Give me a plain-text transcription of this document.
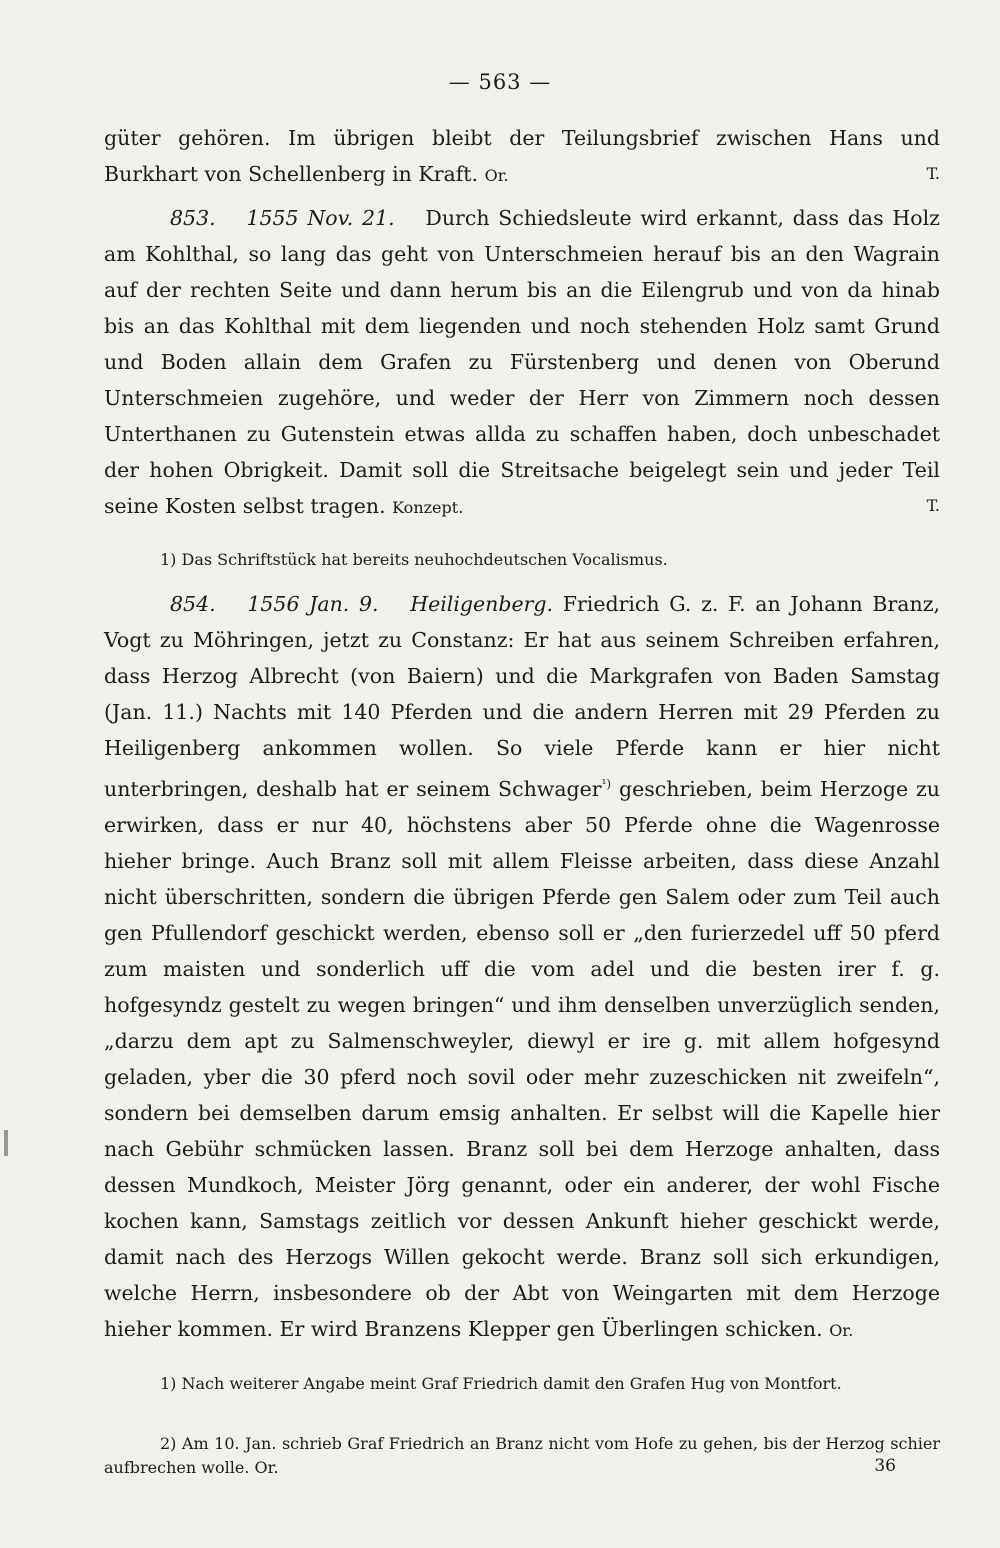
— 563 —

güter gehören. Im übrigen bleibt der Teilungsbrief zwischen Hans und Burkhart von Schellenberg in Kraft. Or.	T.

853. 1555 Nov. 21. Durch Schiedsleute wird erkannt, dass das Holz am Kohlthal, so lang das geht von Unterschmeien herauf bis an den Wagrain auf der rechten Seite und dann herum bis an die Eilengrub und von da hinab bis an das Kohlthal mit dem liegenden und noch stehenden Holz samt Grund und Boden allain dem Grafen zu Fürstenberg und denen von Oberund Unterschmeien zugehöre, und weder der Herr von Zimmern noch dessen Unterthanen zu Gutenstein etwas allda zu schaffen haben, doch unbeschadet der hohen Obrigkeit. Damit soll die Streitsache beigelegt sein und jeder Teil seine Kosten selbst tragen. Konzept.	T.

1) Das Schriftstück hat bereits neuhochdeutschen Vocalismus.

854. 1556 Jan. 9. Heiligenberg. Friedrich G. z. F. an Johann Branz, Vogt zu Möhringen, jetzt zu Constanz: Er hat aus seinem Schreiben erfahren, dass Herzog Albrecht (von Baiern) und die Markgrafen von Baden Samstag (Jan. 11.) Nachts mit 140 Pferden und die andern Herren mit 29 Pferden zu Heiligenberg ankommen wollen. So viele Pferde kann er hier nicht unterbringen, deshalb hat er seinem Schwager$^{^1)}$ geschrieben, beim Herzoge zu erwirken, dass er nur 40, höchstens aber 50 Pferde ohne die Wagenrosse hieher bringe. Auch Branz soll mit allem Fleisse arbeiten, dass diese Anzahl nicht überschritten, sondern die übrigen Pferde gen Salem oder zum Teil auch gen Pfullendorf geschickt werden, ebenso soll er „den furierzedel uff 50 pferd zum maisten und sonderlich uff die vom adel und die besten irer f. g. hofgesyndz gestelt zu wegen bringen“ und ihm denselben unverzüglich senden, „darzu dem apt zu Salmenschweyler, diewyl er ire g. mit allem hofgesynd geladen, yber die 30 pferd noch sovil oder mehr zuzeschicken nit zweifeln“, sondern bei demselben darum emsig anhalten. Er selbst will die Kapelle hier nach Gebühr schmücken lassen. Branz soll bei dem Herzoge anhalten, dass dessen Mundkoch, Meister Jörg genannt, oder ein anderer, der wohl Fische kochen kann, Samstags zeitlich vor dessen Ankunft hieher geschickt werde, damit nach des Herzogs Willen gekocht werde. Branz soll sich erkundigen, welche Herrn, insbesondere ob der Abt von Weingarten mit dem Herzoge hieher kommen. Er wird Branzens Klepper gen Überlingen schicken. Or.

1) Nach weiterer Angabe meint Graf Friedrich damit den Grafen Hug von Montfort.

2) Am 10. Jan. schrieb Graf Friedrich an Branz nicht vom Hofe zu gehen, bis der Herzog schier aufbrechen wolle. Or.	36
